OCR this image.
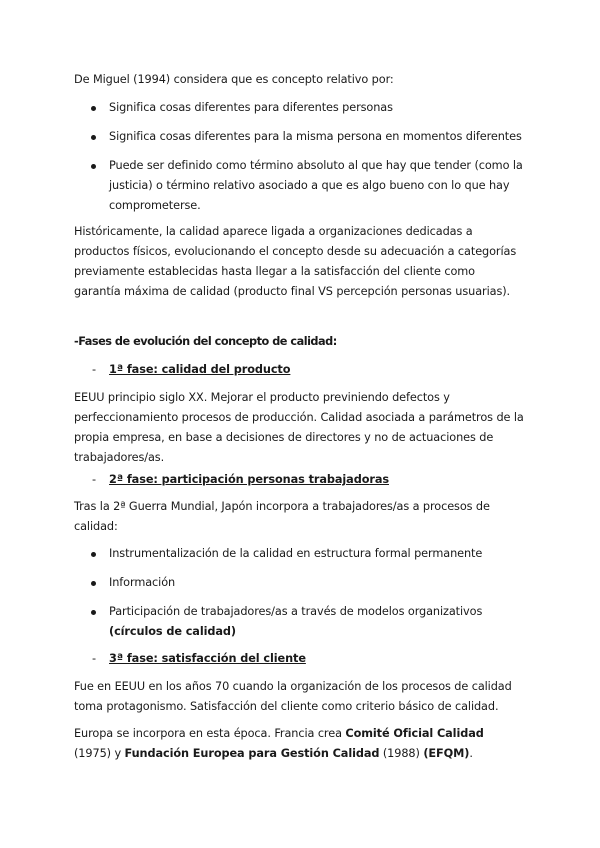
De Miguel (1994) considera que es concepto relativo por:

Significa cosas diferentes para diferentes personas
Significa cosas diferentes para la misma persona en momentos diferentes
Puede ser definido como término absoluto al que hay que tender (como la justicia) o término relativo asociado a que es algo bueno con lo que hay comprometerse.

Históricamente, la calidad aparece ligada a organizaciones dedicadas a productos físicos, evolucionando el concepto desde su adecuación a categorías previamente establecidas hasta llegar a la satisfacción del cliente como garantía máxima de calidad (producto final VS percepción personas usuarias).

-Fases de evolución del concepto de calidad:
- 1ª fase: calidad del producto

EEUU principio siglo XX. Mejorar el producto previniendo defectos y perfeccionamiento procesos de producción. Calidad asociada a parámetros de la propia empresa, en base a decisiones de directores y no de actuaciones de trabajadores/as.

- 2ª fase: participación personas trabajadoras

Tras la 2ª Guerra Mundial, Japón incorpora a trabajadores/as a procesos de calidad:

Instrumentalización de la calidad en estructura formal permanente
Información
Participación de trabajadores/as a través de modelos organizativos (círculos de calidad)
- 3ª fase: satisfacción del cliente

Fue en EEUU en los años 70 cuando la organización de los procesos de calidad toma protagonismo. Satisfacción del cliente como criterio básico de calidad.

Europa se incorpora en esta época. Francia crea Comité Oficial Calidad (1975) y Fundación Europea para Gestión Calidad (1988) (EFQM).
